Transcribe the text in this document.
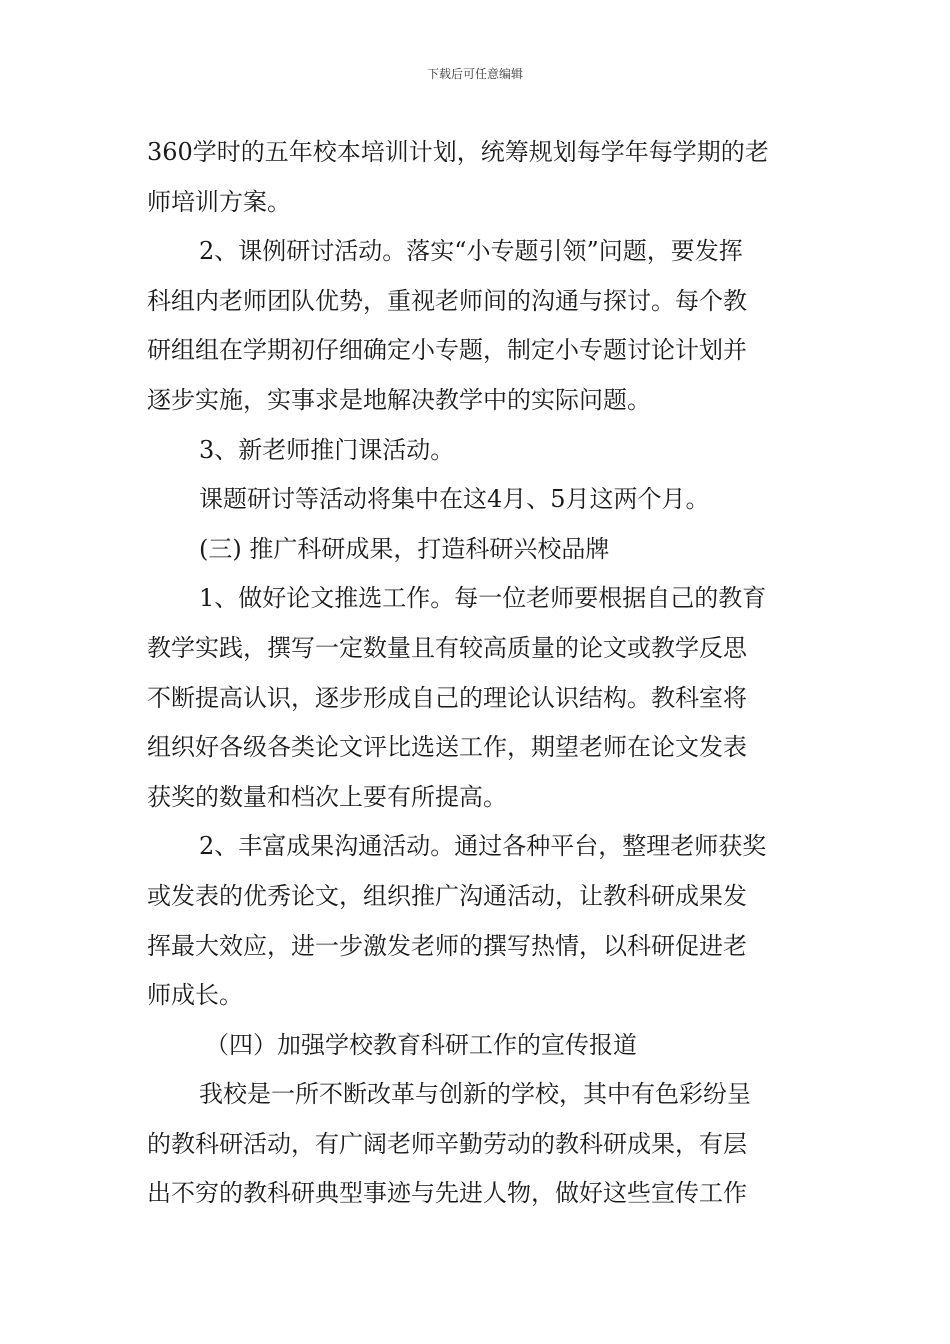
下载后可任意编辑
360学时的五年校本培训计划，统筹规划每学年每学期的老
师培训方案。
2、课例研讨活动。落实“小专题引领”问题，要发挥
科组内老师团队优势，重视老师间的沟通与探讨。每个教
研组组在学期初仔细确定小专题，制定小专题讨论计划并
逐步实施，实事求是地解决教学中的实际问题。
3、新老师推门课活动。
课题研讨等活动将集中在这4月、5月这两个月。
(三) 推广科研成果，打造科研兴校品牌
1、做好论文推选工作。每一位老师要根据自己的教育
教学实践，撰写一定数量且有较高质量的论文或教学反思
不断提高认识，逐步形成自己的理论认识结构。教科室将
组织好各级各类论文评比选送工作，期望老师在论文发表
获奖的数量和档次上要有所提高。
2、丰富成果沟通活动。通过各种平台，整理老师获奖
或发表的优秀论文，组织推广沟通活动，让教科研成果发
挥最大效应，进一步激发老师的撰写热情，以科研促进老
师成长。
（四）加强学校教育科研工作的宣传报道
我校是一所不断改革与创新的学校，其中有色彩纷呈
的教科研活动，有广阔老师辛勤劳动的教科研成果，有层
出不穷的教科研典型事迹与先进人物，做好这些宣传工作
